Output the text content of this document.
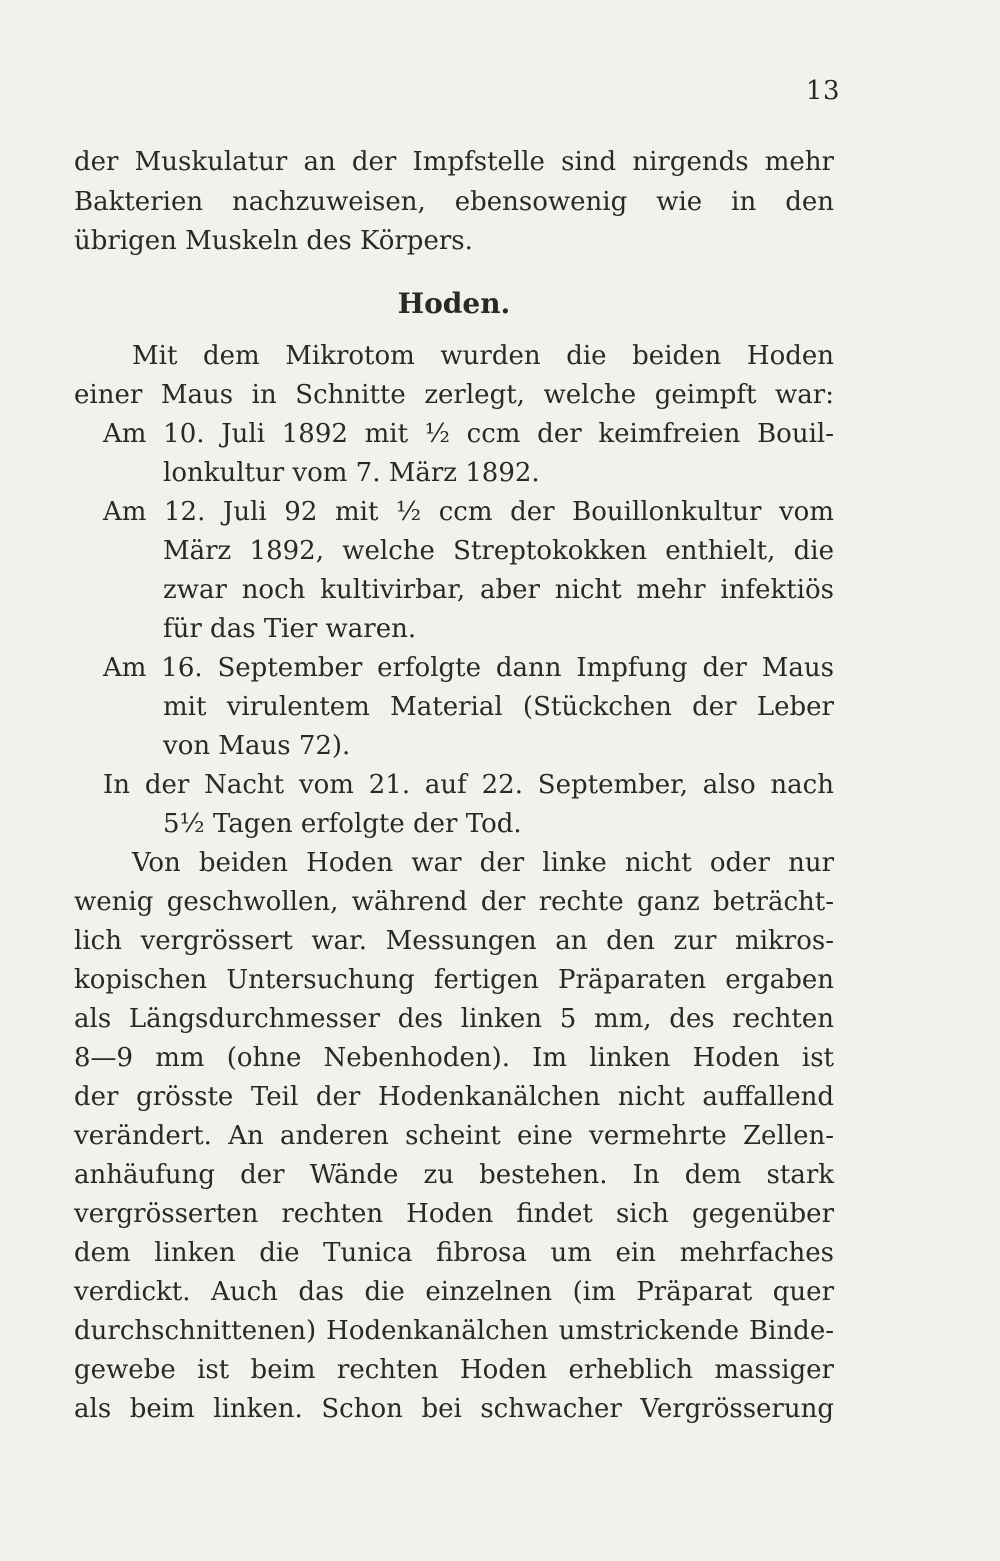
13
der Muskulatur an der Impfstelle sind nirgends mehr
Bakterien nachzuweisen, ebensowenig wie in den
übrigen Muskeln des Körpers.
Hoden.
Mit dem Mikrotom wurden die beiden Hoden
einer Maus in Schnitte zerlegt, welche geimpft war:
Am 10. Juli 1892 mit ½ ccm der keimfreien Bouil-
lonkultur vom 7. März 1892.
Am 12. Juli 92 mit ½ ccm der Bouillonkultur vom
März 1892, welche Streptokokken enthielt, die
zwar noch kultivirbar, aber nicht mehr infektiös
für das Tier waren.
Am 16. September erfolgte dann Impfung der Maus
mit virulentem Material (Stückchen der Leber
von Maus 72).
In der Nacht vom 21. auf 22. September, also nach
5½ Tagen erfolgte der Tod.
Von beiden Hoden war der linke nicht oder nur
wenig geschwollen, während der rechte ganz beträcht-
lich vergrössert war. Messungen an den zur mikros-
kopischen Untersuchung fertigen Präparaten ergaben
als Längsdurchmesser des linken 5 mm, des rechten
8—9 mm (ohne Nebenhoden). Im linken Hoden ist
der grösste Teil der Hodenkanälchen nicht auffallend
verändert. An anderen scheint eine vermehrte Zellen-
anhäufung der Wände zu bestehen. In dem stark
vergrösserten rechten Hoden findet sich gegenüber
dem linken die Tunica fibrosa um ein mehrfaches
verdickt. Auch das die einzelnen (im Präparat quer
durchschnittenen) Hodenkanälchen umstrickende Binde-
gewebe ist beim rechten Hoden erheblich massiger
als beim linken. Schon bei schwacher Vergrösserung
